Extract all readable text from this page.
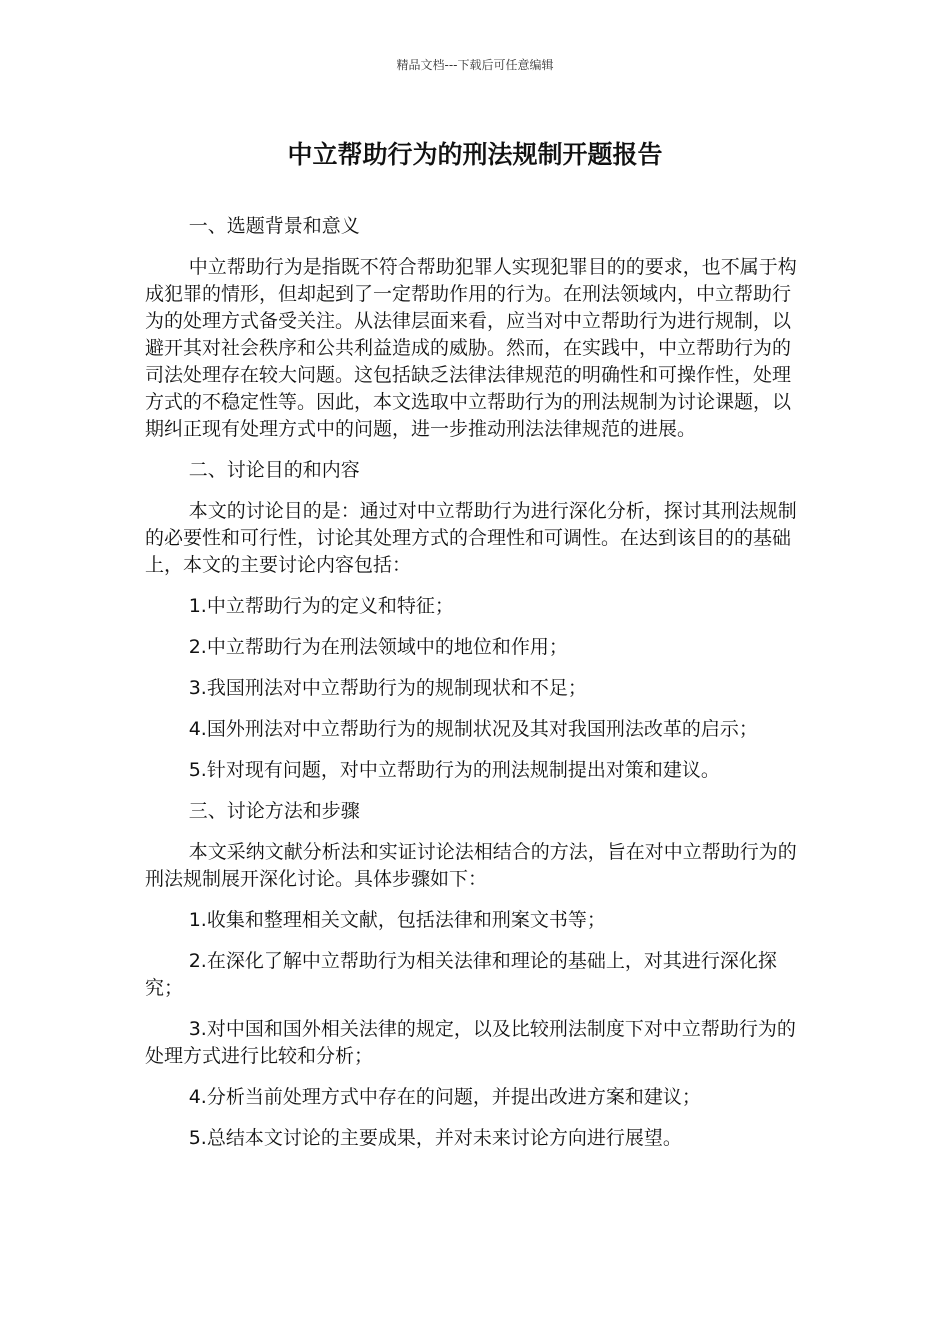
精品文档---下载后可任意编辑
中立帮助行为的刑法规制开题报告

一、选题背景和意义

中立帮助行为是指既不符合帮助犯罪人实现犯罪目的的要求，也不属于构成犯罪的情形，但却起到了一定帮助作用的行为。在刑法领域内，中立帮助行为的处理方式备受关注。从法律层面来看，应当对中立帮助行为进行规制，以避开其对社会秩序和公共利益造成的威胁。然而，在实践中，中立帮助行为的司法处理存在较大问题。这包括缺乏法律法律规范的明确性和可操作性，处理方式的不稳定性等。因此，本文选取中立帮助行为的刑法规制为讨论课题，以期纠正现有处理方式中的问题，进一步推动刑法法律规范的进展。

二、讨论目的和内容

本文的讨论目的是：通过对中立帮助行为进行深化分析，探讨其刑法规制的必要性和可行性，讨论其处理方式的合理性和可调性。在达到该目的的基础上，本文的主要讨论内容包括：

1.中立帮助行为的定义和特征；

2.中立帮助行为在刑法领域中的地位和作用；

3.我国刑法对中立帮助行为的规制现状和不足；

4.国外刑法对中立帮助行为的规制状况及其对我国刑法改革的启示；

5.针对现有问题，对中立帮助行为的刑法规制提出对策和建议。

三、讨论方法和步骤

本文采纳文献分析法和实证讨论法相结合的方法，旨在对中立帮助行为的刑法规制展开深化讨论。具体步骤如下：

1.收集和整理相关文献，包括法律和刑案文书等；

2.在深化了解中立帮助行为相关法律和理论的基础上，对其进行深化探究；

3.对中国和国外相关法律的规定，以及比较刑法制度下对中立帮助行为的处理方式进行比较和分析；

4.分析当前处理方式中存在的问题，并提出改进方案和建议；

5.总结本文讨论的主要成果，并对未来讨论方向进行展望。
